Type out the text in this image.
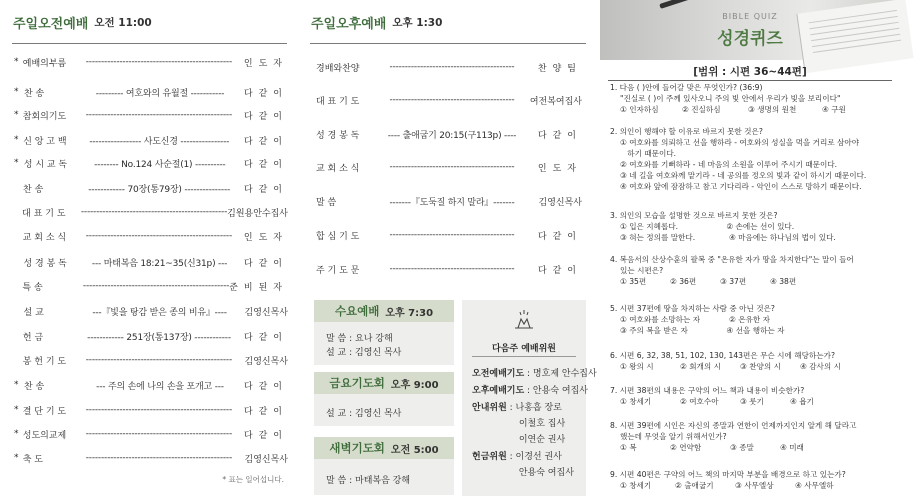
주일오전예배 오전 11:00
* 예배의부름	------------------------------------------------	인도자
* 찬 송	--------- 여호와의 유월절 -----------	다같이
* 참회의기도	------------------------------------------------	다같이
* 신 앙 고 백	----------------- 사도신경 ----------------	다같이
* 성 시 교 독	-------- No.124 사순절(1) ----------	다같이
찬 송	------------ 70장(통79장) ---------------	다같이
대 표 기 도	------------------------------------------------ 김원용안수집사
교 회 소 식	------------------------------------------------	인도자
성 경 봉 독	--- 마태복음 18:21~35(신31p) ---	다같이
특 송	------------------------------------------------ 준비된자
설 교	---『빛을 탕감 받은 종의 비유』----	김영신목사
헌 금	------------ 251장(통137장) ------------	다같이
봉 헌 기 도	------------------------------------------------	김영신목사
* 찬 송	--- 주의 손에 나의 손을 포개고 ---	다같이
* 결 단 기 도	------------------------------------------------	다같이
* 성도의교제	------------------------------------------------	다같이
* 축 도	------------------------------------------------	김영신목사
* 표는 일어섭니다.
주일오후예배 오후 1:30
경배와찬양	-----------------------------------------	찬양팀
대 표 기 도	-----------------------------------------	여전복여집사
성 경 봉 독	---- 출애굽기 20:15(구113p) ----	다같이
교 회 소 식	-----------------------------------------	인도자
말 씀	-------『도둑질 하지 말라』-------	김영신목사
합 심 기 도	-----------------------------------------	다같이
주 기 도 문	-----------------------------------------	다같이
수요예배 오후 7:30
말 씀 : 요나 강해
설 교 : 김영신 목사
금요기도회 오후 9:00
설 교 : 김영신 목사
새벽기도회 오전 5:00
말 씀 : 마태복음 강해
다음주 예배위원
오전예배기도 : 명호제 안수집사
오후예배기도 : 안용숙 여집사
안내위원 : 나홍흡 장로
이철호 집사
이연순 권사
헌금위원 : 이경선 권사
안용숙 여집사
BIBLE QUIZ
성경퀴즈
[범위 : 시편 36~44편]
1. 다음 ( )안에 들어갈 맞은 무엇인가? (36:9)
"진실로 ( )이 주께 있사오니 주의 빛 안에서 우리가 빛을 보리이다"
① 인자하심	② 진실하심	③ 생명의 원천	④ 구원
2. 의인이 행해야 할 이유로 바르지 못한 것은?
① 여호와를 의뢰하고 선을 행하라 - 여호와의 성실을 먹을 거리로 삼아야
하기 때문이다.
② 여호와를 기뻐하라 - 네 마음의 소원을 이루어 주시기 때문이다.
③ 네 길을 여호와께 맡기라 - 네 공의를 정오의 빛과 같이 하시기 때문이다.
④ 여호와 앞에 잠잠하고 참고 기다리라 - 악인이 스스로 망하기 때문이다.
3. 의인의 모습을 설명한 것으로 바르지 못한 것은?
① 입은 지혜롭다.                    ② 손에는 선이 있다.
③ 혀는 정의를 말한다.              ④ 마음에는 하나님의 법이 있다.
4. 복음서의 산상수훈의 팔복 중 "온유한 자가 땅을 차지한다"는 말이 들어
있는 시편은?
① 35편	② 36편	③ 37편	④ 38편
5. 시편 37편에 땅을 차지하는 사람 중 아닌 것은?
① 여호와를 소망하는 자            ② 온유한 자
③ 주의 복을 받은 자                ④ 선을 행하는 자
6. 시편 6, 32, 38, 51, 102, 130, 143편은 무슨 시에 해당하는가?
① 왕의 시	② 회개의 시	③ 찬양의 시	④ 감사의 시
7. 시편 38편의 내용은 구약의 어느 책과 내용이 비슷한가?
① 창세기	② 여호수아	③ 룻기	④ 욥기
8. 시편 39편에 시인은 자신의 종말과 연한이 언제까지인지 알게 해 달라고
했는데 무엇을 알기 위해서인가?
① 복	② 연약함	③ 종말	④ 미래
9. 시편 40편은 구약의 어느 책의 마지막 부분을 배경으로 하고 있는가?
① 창세기	② 출애굽기	③ 사무엘상	④ 사무엘하
